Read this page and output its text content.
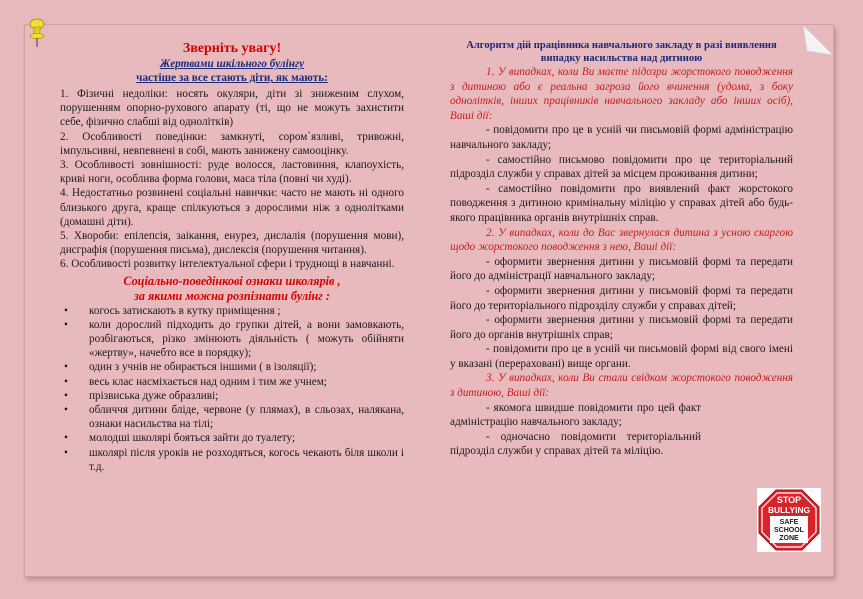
Зверніть увагу!
Жертвами шкільного булінгу
частіше за все стають діти, як мають:
1. Фізичні недоліки: носять окуляри, діти зі зниженим слухом, порушенням опорно-рухового апарату (ті, що не можуть захистити себе, фізично слабші від однолітків)
2. Особливості поведінки: замкнуті, сором`язливі, тривожні, імпульсивні, невпевнені в собі, мають занижену самооцінку.
3. Особливості зовнішності: руде волосся, ластовиння, клапоухість, криві ноги, особлива форма голови, маса тіла (повні чи худі).
4. Недостатньо розвинені соціальні навички: часто не мають ні одного близького друга, краще спілкуються з дорослими ніж з однолітками (домашні діти).
5. Хвороби: епілепсія, заікання, енурез, дислалія (порушення мови), дисграфія (порушення письма), дислексія (порушення читання).
6. Особливості розвитку інтелектуальної сфери і труднощі в навчанні.
Соціально-поведінкові ознаки школярів ,
за якими можна розпізнати булінг :
•	когось затискають в кутку приміщення ;
•	коли дорослий підходить до групки дітей, а вони замовкають, розбігаються, різко змінюють діяльність ( можуть обійняти «жертву», начебто все в порядку);
•	один з учнів не обирається іншими ( в ізоляції);
•	весь клас насміхається над одним і тим же учнем;
•	прізвиська дуже образливі;
•	обличчя дитини бліде, червоне (у плямах), в сльозах, налякана, ознаки насильства на тілі;
•	молодші школярі бояться зайти до туалету;
•	школярі після уроків не розходяться, когось чекають біля школи і т.д.
Алгоритм дій працівника навчального закладу в разі виявлення випадку насильства над дитиною
1. У випадках, коли Ви маєте підозри жорстокого поводження з дитиною або є реальна загроза його вчинення (удома, з боку однолітків, інших працівників навчального закладу або інших осіб), Ваші дії:
- повідомити про це в усній чи письмовій формі адміністрацію навчального закладу;
- самостійно письмово повідомити про це територіальний підрозділ служби у справах дітей за місцем проживання дитини;
- самостійно повідомити про виявлений факт жорстокого поводження з дитиною кримінальну міліцію у справах дітей або будь-якого працівника органів внутрішніх справ.
2. У випадках, коли до Вас звернулася дитина з усною скаргою щодо жорстокого поводження з нею, Ваші дії:
- оформити звернення дитини у письмовій формі та передати його до адміністрації навчального закладу;
- оформити звернення дитини у письмовій формі та передати його до територіального підрозділу служби у справах дітей;
- оформити звернення дитини у письмовій формі та передати його до органів внутрішніх справ;
- повідомити про це в усній чи письмовій формі від свого імені у вказані (перераховані) вище органи.
3. У випадках, коли Ви стали свідком жорстокого поводження з дитиною, Ваші дії:
- якомога швидше повідомити про цей факт адміністрацію навчального закладу;
- одночасно повідомити територіальний підрозділ служби у справах дітей та міліцію.
STOP
BULLYING
SAFE
SCHOOL
ZONE
